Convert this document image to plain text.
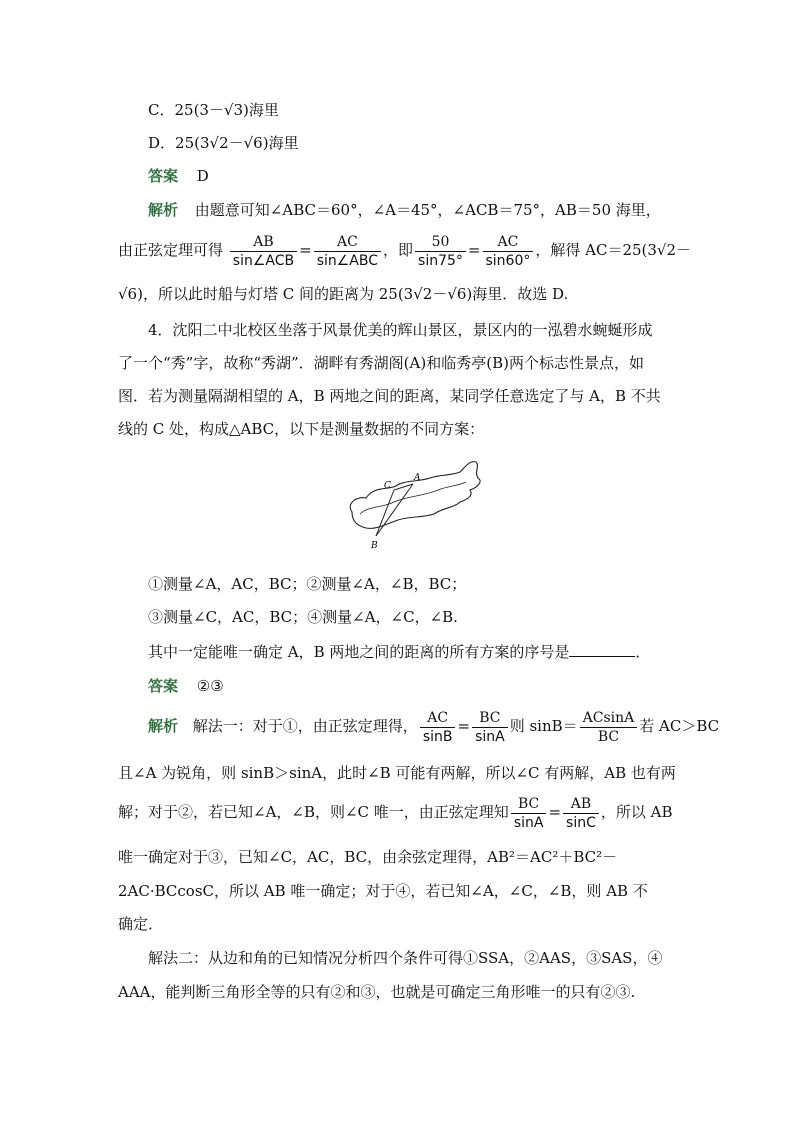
C．25(3－√3)海里
D．25(3√2－√6)海里
答案 D
解析 由题意可知∠ABC＝60°，∠A＝45°，∠ACB＝75°，AB＝50 海里，
由正弦定理可得 $\frac{AB}{\text{sin∠ACB}} = \frac{AC}{\text{sin∠ABC}}$ ，即 $\frac{50}{\sin 75^\circ} = \frac{AC}{\sin 60^\circ}$ ，解得 AC＝25(3√2－
√6)，所以此时船与灯塔 C 间的距离为 25(3√2－√6)海里．故选 D.
4．沈阳二中北校区坐落于风景优美的辉山景区，景区内的一泓碧水蜿蜒形成
了一个“秀”字，故称“秀湖”．湖畔有秀湖阁(A)和临秀亭(B)两个标志性景点，如
图．若为测量隔湖相望的 A，B 两地之间的距离，某同学任意选定了与 A，B 不共
线的 C 处，构成△ABC，以下是测量数据的不同方案：
A
C
B
①测量∠A，AC，BC；②测量∠A，∠B，BC；
③测量∠C，AC，BC；④测量∠A，∠C，∠B.
其中一定能唯一确定 A，B 两地之间的距离的所有方案的序号是	．
答案 ②③
解析 解法一：对于①，由正弦定理得， $\frac{AC}{\sin B} = \frac{BC}{\sin A}$ 则 $\sin B= \frac{ACsinA}{BC}$ 若 AC＞BC
且∠A 为锐角，则 sinB＞sinA，此时∠B 可能有两解，所以∠C 有两解，AB 也有两
解；对于②，若已知∠A，∠B，则∠C 唯一，由正弦定理知 $\frac{BC}{\sin A} = \frac{AB}{\sin C}$ ，所以 AB
唯一确定对于③，已知∠C，AC，BC，由余弦定理得，AB²＝AC²＋BC²－
2AC·BCcosC，所以 AB 唯一确定；对于④，若已知∠A，∠C，∠B，则 AB 不
确定．
解法二：从边和角的已知情况分析四个条件可得①SSA，②AAS，③SAS，④
AAA，能判断三角形全等的只有②和③，也就是可确定三角形唯一的只有②③.
